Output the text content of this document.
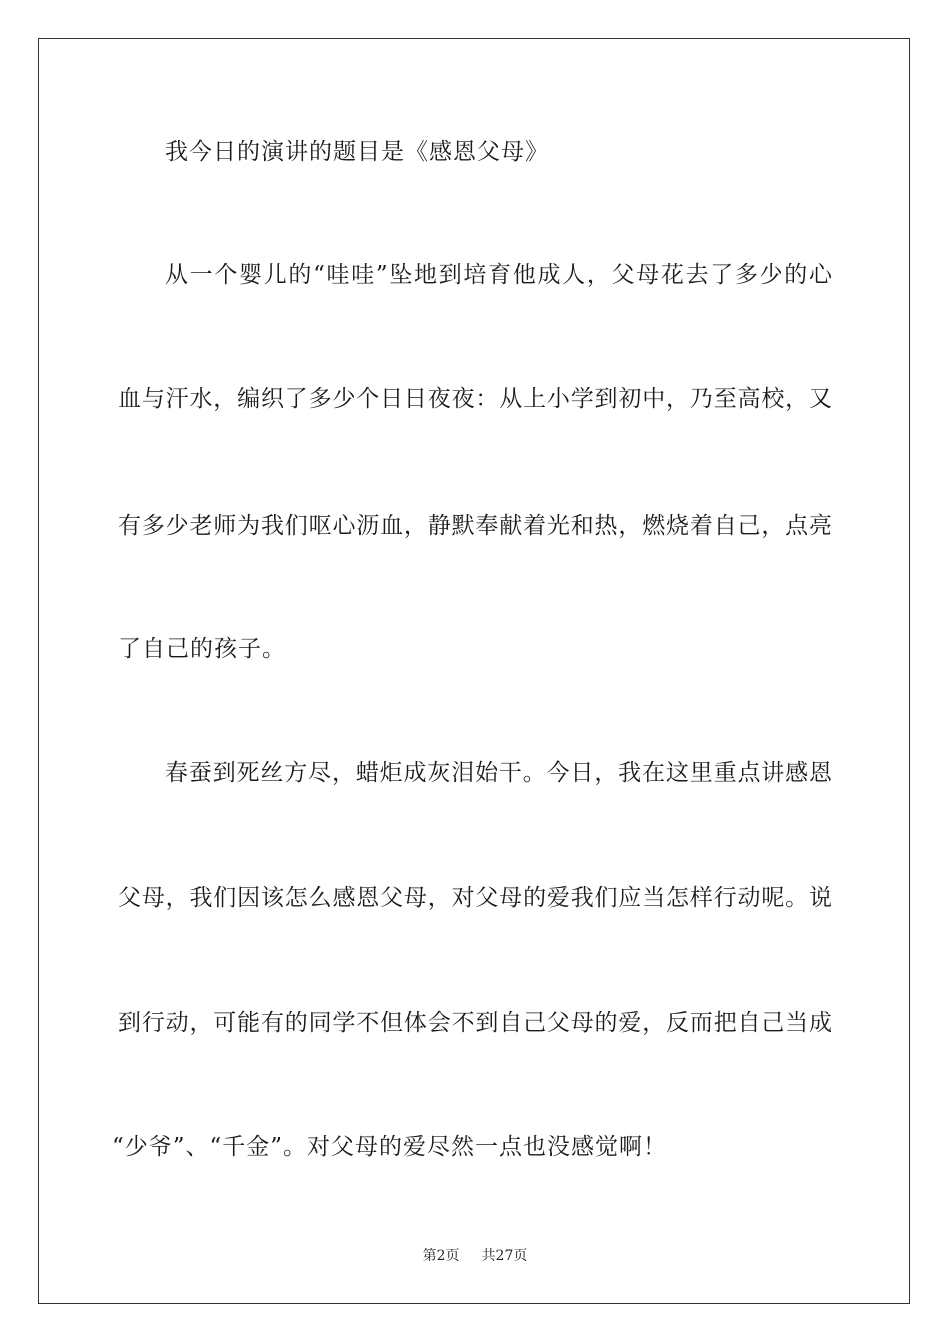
我今日的演讲的题目是《感恩父母》
从一个婴儿的“哇哇”坠地到培育他成人，父母花去了多少的心
血与汗水，编织了多少个日日夜夜：从上小学到初中，乃至高校，又
有多少老师为我们呕心沥血，静默奉献着光和热，燃烧着自己，点亮
了自己的孩子。
春蚕到死丝方尽，蜡炬成灰泪始干。今日，我在这里重点讲感恩
父母，我们因该怎么感恩父母，对父母的爱我们应当怎样行动呢。说
到行动，可能有的同学不但体会不到自己父母的爱，反而把自己当成
“少爷”、“千金”。对父母的爱尽然一点也没感觉啊！
第2页 共27页
